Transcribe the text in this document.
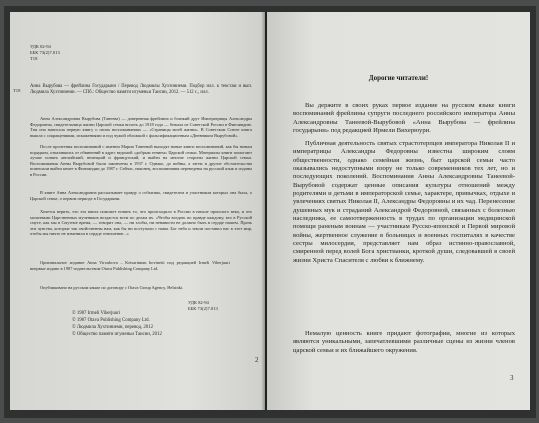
УДК 82-94
ББК 73(2)7.013
Т18
Т18
Анна Вырубова — фрейлина Государыни / Перевод Людмилы Хухтиниеми. Подбор илл. к текстам и вып. Людмила Хухтиниеми. — СПб.: Общество памяти игуменьи Таисии, 2012. — 512 с., илл.
Анна Александровна Вырубова (Танеева) — доверенная фрейлина и близкий друг Императрицы Александры Федоровны, свидетельница жизни Царской семьи вплоть до 1918 года — бежала из Советской России в Финляндию. Там она написала первую книгу о своих воспоминаниях — «Страницы моей жизни». В Советском Союзе книга вышла с сокращениями, искажениями и под чужой обложкой с фальсификационным «Дневником Вырубовой».
После прочтения воспоминаний с именем Марии Танеевой выходят новые книги воспоминаний, как бы новым порядком, отказавшись от обвинений в адрес ведомой «добрым гением» Царской семьи. Материалы книги помогают лучше понять английский, немецкий и французский, и выйти на многие стороны жизни Царской семьи. Воспоминания Анны Вырубовой были закончены в 1937 г. Однако, до войны, а затем в другие обстоятельства помешали выйти книге в Финляндии до 1987 г. Сейчас, наконец, воспоминания переведены на русский язык и изданы в России.
В книге Анна Александровна рассказывает правду о событиях, свидетелем и участником которых она была, о Царской семье, о первом периоде в Государыни.
Хочется верить, что эта книга поможет понять то, что происходило в России в начале прошлого века, и что молитвами Царственных мучеников воздастся всем по делам их. «Чтобы воздать по правде каждому, кто в Русской смуте, как мы в Смутное время, — говорит она, — ни злобы, ни ненависти не должно быть в сердце нашем. Прочь эти чувства, которые так свойственны нам, как бы ни поступали с нами. Бог неба и земли поставил нас в этот мир, чтобы мы ничто не изменили в сердце отношение...»
Оригинальное издание Anna Viroubova – Keisarinnan hovineiti под редакцией Irmeli Viherjuuri впервые издано в 1987 издательством Otava Publishing Company Ltd.
Опубликовано на русском языке по договору с Otava Group Agency, Helsinki.
УДК 82-94
ББК 73(2)7.013
© 1987 Irmeli Viherjuuri
© 1987 Otava Publishing Company Ltd.
© Людмила Хухтиниеми, перевод, 2012
© Общество памяти игуменьи Таисии, 2012
2
Дорогие читатели!
Вы держите в своих руках первое издание на русском языке книги воспоминаний фрейлины супруги последнего российского императора Анны Александровны Танеевой-Вырубовой «Анна Вырубова — фрейлина государыни» под редакцией Ирмели Виxерюури.
Публичная деятельность святых страстотерпцев императора Николая II и императрицы Александры Федоровны известна широким слоям общественности, однако семейная жизнь, быт царской семьи часто оказывались недоступными взору не только современников тех лет, но и последующих поколений. Воспоминания Анны Александровны Танеевой-Вырубовой содержат ценные описания культуры отношений между родителями и детьми в императорской семье, характере, привычках, отдыхе и увлечениях святых Николая II, Александры Федоровны и их чад. Перенесение душевных мук и страданий Александрой Федоровной, связанных с болезнью наследника, ее самоотверженность в трудах по организации медицинской помощи раненым воинам — участникам Русско-японской и Первой мировой войны, жертвенное служение в больницах и военных госпиталях в качестве сестры милосердия, представляет нам образ истинно-православной, смиренной перед волей Бога христианки, кроткой души, следовавшей в своей жизни Христа Спасителя с любви к ближнему.
Немалую ценность книге придают фотографии, многие из которых являются уникальными, запечатлевшими различные сцены из жизни членов царской семьи и их ближайшего окружения.
3
